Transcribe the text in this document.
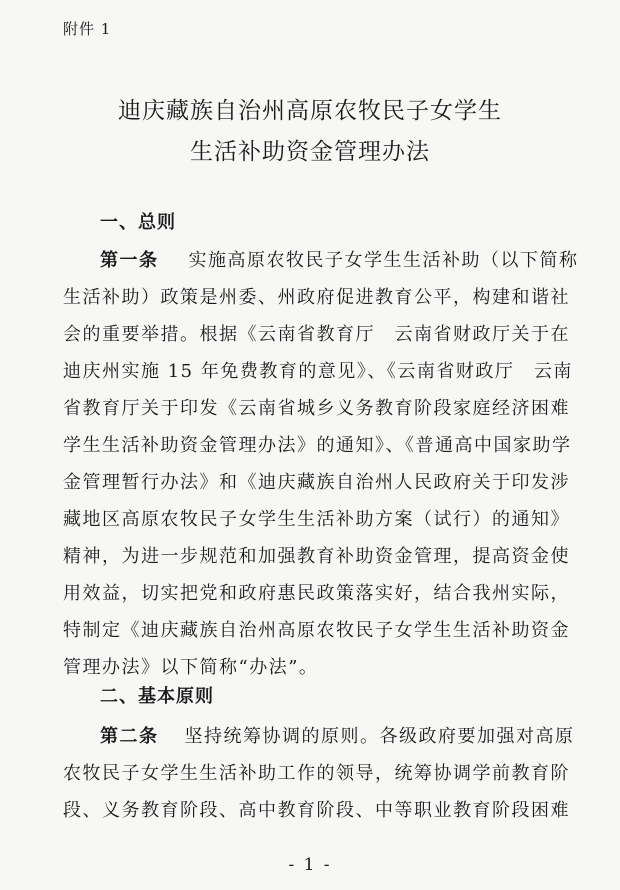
附件 1
迪庆藏族自治州高原农牧民子女学生
生活补助资金管理办法
一、总则
第一条 实施高原农牧民子女学生生活补助（以下简称
生活补助）政策是州委、州政府促进教育公平，构建和谐社
会的重要举措。根据《云南省教育厅　云南省财政厅关于在
迪庆州实施 15 年免费教育的意见》、《云南省财政厅　云南
省教育厅关于印发《云南省城乡义务教育阶段家庭经济困难
学生生活补助资金管理办法》的通知》、《普通高中国家助学
金管理暂行办法》和《迪庆藏族自治州人民政府关于印发涉
藏地区高原农牧民子女学生生活补助方案（试行）的通知》
精神，为进一步规范和加强教育补助资金管理，提高资金使
用效益，切实把党和政府惠民政策落实好，结合我州实际，
特制定《迪庆藏族自治州高原农牧民子女学生生活补助资金
管理办法》以下简称“办法”。
二、基本原则
第二条 坚持统筹协调的原则。各级政府要加强对高原
农牧民子女学生生活补助工作的领导，统筹协调学前教育阶
段、义务教育阶段、高中教育阶段、中等职业教育阶段困难
- 1 -
